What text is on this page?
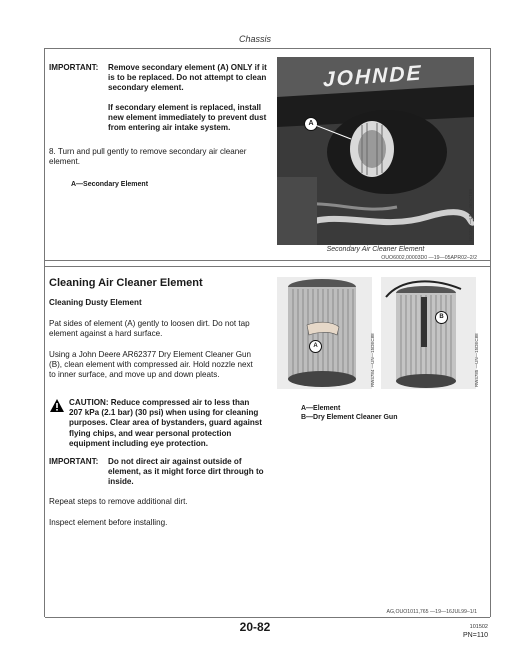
Chassis
IMPORTANT: Remove secondary element (A) ONLY if it is to be replaced. Do not attempt to clean secondary element.
If secondary element is replaced, install new element immediately to prevent dust from entering air intake system.
8. Turn and pull gently to remove secondary air cleaner element.
A—Secondary Element
JOHNDE
A
N51816 —UN—26OCT89
Secondary Air Cleaner Element
OUO6002,00003D0 —19—05APR02–2/2
Cleaning Air Cleaner Element
Cleaning Dusty Element
Pat sides of element (A) gently to loosen dirt. Do not tap element against a hard surface.
Using a John Deere AR62377 Dry Element Cleaner Gun (B), clean element with compressed air. Hold nozzle next to inner surface, and move up and down pleats.
CAUTION: Reduce compressed air to less than 207 kPa (2.1 bar) (30 psi) when using for cleaning purposes. Clear area of bystanders, guard against flying chips, and wear personal protection equipment including eye protection.
IMPORTANT: Do not direct air against outside of element, as it might force dirt through to inside.
Repeat steps to remove additional dirt.
Inspect element before installing.
A	RW4784 —UN—15DEC88
B
RW4785 —UN—15DEC88
A—Element
B—Dry Element Cleaner Gun
AG,OUO1011,765 —19—16JUL99–1/1
20-82	101502
PN=110
